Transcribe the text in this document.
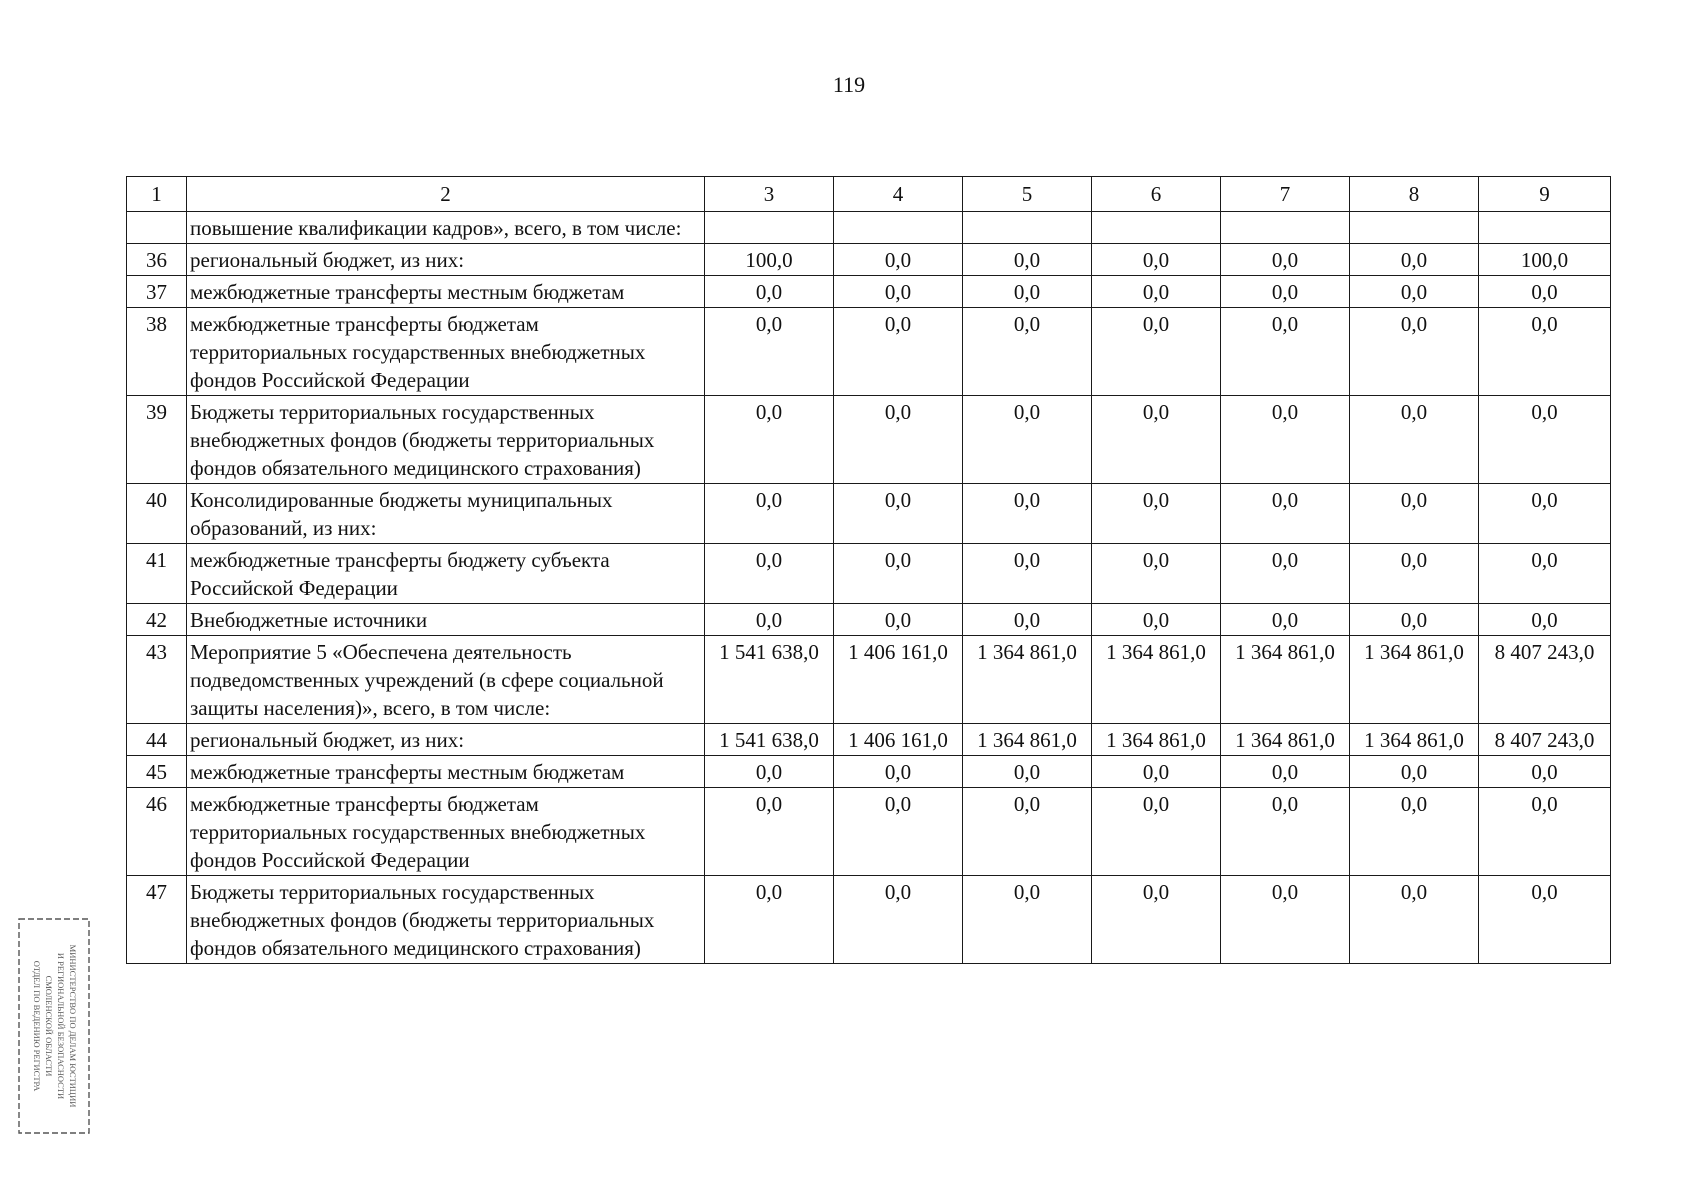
119
1	2	3	4	5	6	7	8	9
	повышение квалификации кадров», всего, в том числе:							
36	региональный бюджет, из них:	100,0	0,0	0,0	0,0	0,0	0,0	100,0
37	межбюджетные трансферты местным бюджетам	0,0	0,0	0,0	0,0	0,0	0,0	0,0
38	межбюджетные трансферты бюджетам территориальных государственных внебюджетных фондов Российской Федерации	0,0	0,0	0,0	0,0	0,0	0,0	0,0
39	Бюджеты территориальных государственных внебюджетных фондов (бюджеты территориальных фондов обязательного медицинского страхования)	0,0	0,0	0,0	0,0	0,0	0,0	0,0
40	Консолидированные бюджеты муниципальных образований, из них:	0,0	0,0	0,0	0,0	0,0	0,0	0,0
41	межбюджетные трансферты бюджету субъекта Российской Федерации	0,0	0,0	0,0	0,0	0,0	0,0	0,0
42	Внебюджетные источники	0,0	0,0	0,0	0,0	0,0	0,0	0,0
43	Мероприятие 5 «Обеспечена деятельность подведомственных учреждений (в сфере социальной защиты населения)», всего, в том числе:	1 541 638,0	1 406 161,0	1 364 861,0	1 364 861,0	1 364 861,0	1 364 861,0	8 407 243,0
44	региональный бюджет, из них:	1 541 638,0	1 406 161,0	1 364 861,0	1 364 861,0	1 364 861,0	1 364 861,0	8 407 243,0
45	межбюджетные трансферты местным бюджетам	0,0	0,0	0,0	0,0	0,0	0,0	0,0
46	межбюджетные трансферты бюджетам территориальных государственных внебюджетных фондов Российской Федерации	0,0	0,0	0,0	0,0	0,0	0,0	0,0
47	Бюджеты территориальных государственных внебюджетных фондов (бюджеты территориальных фондов обязательного медицинского страхования)	0,0	0,0	0,0	0,0	0,0	0,0	0,0
МИНИСТЕРСТВО ПО ДЕЛАМ ЮСТИЦИИ
И РЕГИОНАЛЬНОЙ БЕЗОПАСНОСТИ
СМОЛЕНСКОЙ ОБЛАСТИ
ОТДЕЛ ПО ВЕДЕНИЮ РЕГИСТРА
